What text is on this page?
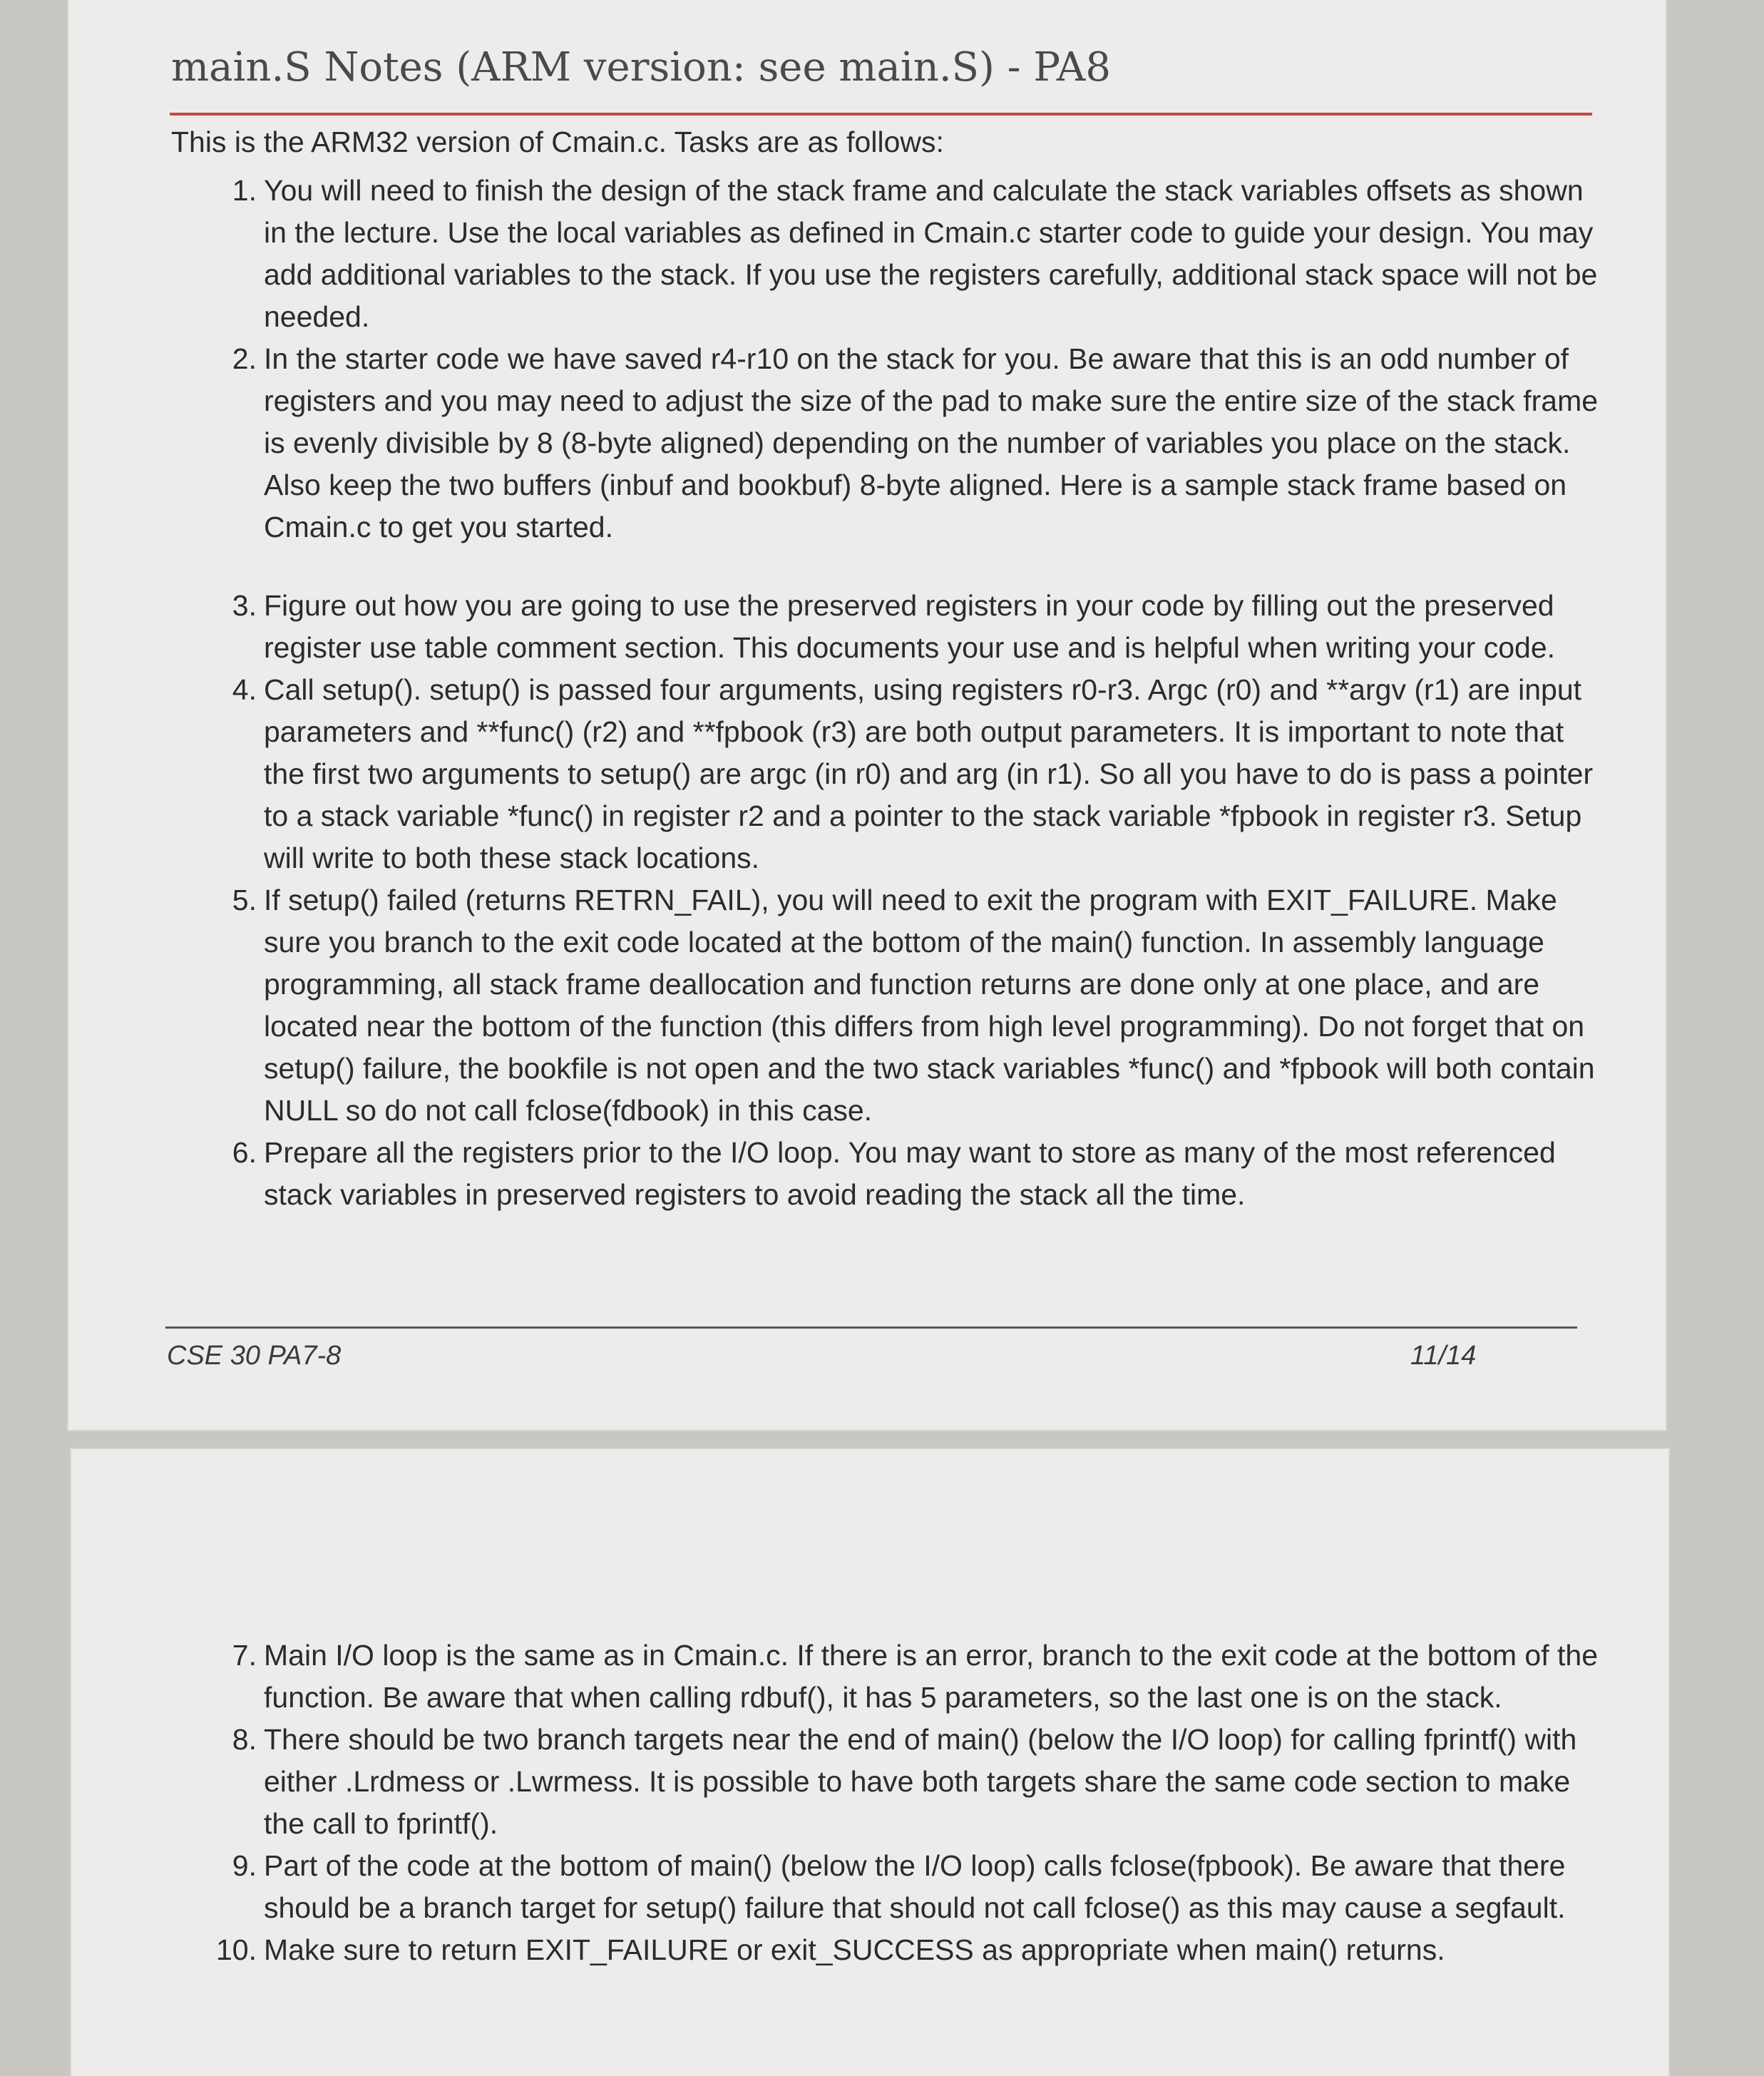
main.S Notes (ARM version: see main.S) - PA8
This is the ARM32 version of Cmain.c. Tasks are as follows:
1. You will need to finish the design of the stack frame and calculate the stack variables offsets as shown in the lecture. Use the local variables as defined in Cmain.c starter code to guide your design. You may add additional variables to the stack. If you use the registers carefully, additional stack space will not be needed.
2. In the starter code we have saved r4-r10 on the stack for you. Be aware that this is an odd number of registers and you may need to adjust the size of the pad to make sure the entire size of the stack frame is evenly divisible by 8 (8-byte aligned) depending on the number of variables you place on the stack. Also keep the two buffers (inbuf and bookbuf) 8-byte aligned. Here is a sample stack frame based on Cmain.c to get you started.
3. Figure out how you are going to use the preserved registers in your code by filling out the preserved register use table comment section. This documents your use and is helpful when writing your code.
4. Call setup(). setup() is passed four arguments, using registers r0-r3. Argc (r0) and **argv (r1) are input parameters and **func() (r2) and **fpbook (r3) are both output parameters. It is important to note that the first two arguments to setup() are argc (in r0) and arg (in r1). So all you have to do is pass a pointer to a stack variable *func() in register r2 and a pointer to the stack variable *fpbook in register r3. Setup will write to both these stack locations.
5. If setup() failed (returns RETRN_FAIL), you will need to exit the program with EXIT_FAILURE. Make sure you branch to the exit code located at the bottom of the main() function. In assembly language programming, all stack frame deallocation and function returns are done only at one place, and are located near the bottom of the function (this differs from high level programming). Do not forget that on setup() failure, the bookfile is not open and the two stack variables *func() and *fpbook will both contain NULL so do not call fclose(fdbook) in this case.
6. Prepare all the registers prior to the I/O loop. You may want to store as many of the most referenced stack variables in preserved registers to avoid reading the stack all the time.
CSE 30 PA7-8	11/14
7. Main I/O loop is the same as in Cmain.c. If there is an error, branch to the exit code at the bottom of the function. Be aware that when calling rdbuf(), it has 5 parameters, so the last one is on the stack.
8. There should be two branch targets near the end of main() (below the I/O loop) for calling fprintf() with either .Lrdmess or .Lwrmess. It is possible to have both targets share the same code section to make the call to fprintf().
9. Part of the code at the bottom of main() (below the I/O loop) calls fclose(fpbook). Be aware that there should be a branch target for setup() failure that should not call fclose() as this may cause a segfault.
10. Make sure to return EXIT_FAILURE or exit_SUCCESS as appropriate when main() returns.
